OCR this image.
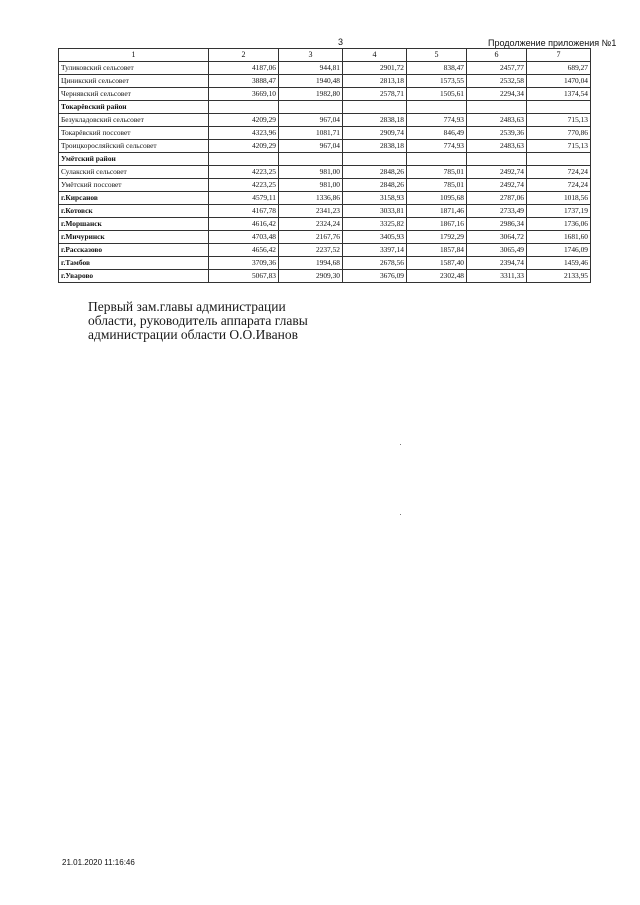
3	Продолжение приложения №1
1	2	3	4	5	6	7
Туликовский сельсовет	4187,06	944,81	2901,72	838,47	2457,77	689,27
Циникский сельсовет	3888,47	1940,48	2813,18	1573,55	2532,58	1470,04
Чернявский сельсовет	3669,10	1982,80	2578,71	1505,61	2294,34	1374,54
Токарёвский район						
Безукладовский сельсовет	4209,29	967,04	2838,18	774,93	2483,63	715,13
Токарёвский поссовет	4323,96	1081,71	2909,74	846,49	2539,36	770,86
Троицкоросляйский сельсовет	4209,29	967,04	2838,18	774,93	2483,63	715,13
Умётский район						
Сулакский сельсовет	4223,25	981,00	2848,26	785,01	2492,74	724,24
Умётский поссовет	4223,25	981,00	2848,26	785,01	2492,74	724,24
г.Кирсанов	4579,11	1336,86	3158,93	1095,68	2787,06	1018,56
г.Котовск	4167,78	2341,23	3033,81	1871,46	2733,49	1737,19
г.Моршанск	4616,42	2324,24	3325,82	1867,16	2986,34	1736,06
г.Мичуринск	4703,48	2167,76	3405,93	1792,29	3064,72	1681,60
г.Рассказово	4656,42	2237,52	3397,14	1857,84	3065,49	1746,09
г.Тамбов	3709,36	1994,68	2678,56	1587,40	2394,74	1459,46
г.Уварово	5067,83	2909,30	3676,09	2302,48	3311,33	2133,95
Первый зам.главы администрации
области, руководитель аппарата главы
администрации области О.О.Иванов
21.01.2020 11:16:46
